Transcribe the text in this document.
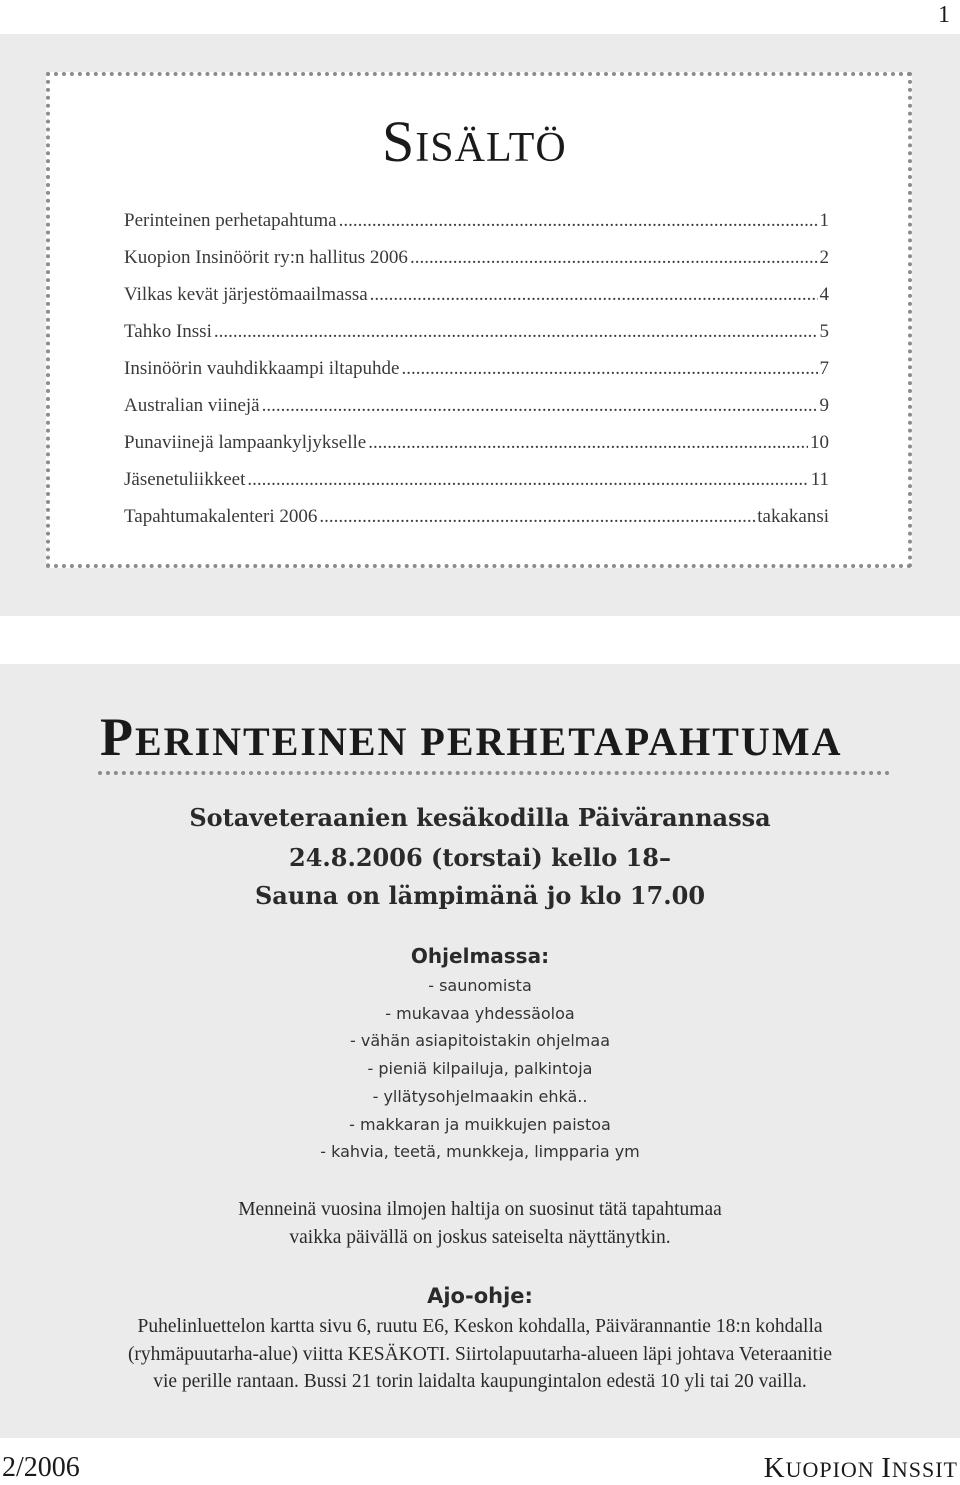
1
SISÄLTÖ
Perinteinen perhetapahtuma .....	1
Kuopion Insinöörit ry:n hallitus 2006 .....	2
Vilkas kevät järjestömaailmassa .....	4
Tahko Inssi .....	5
Insinöörin vauhdikkaampi iltapuhde .....	7
Australian viinejä .....	9
Punaviinejä lampaankyljykselle .....	10
Jäsenetuliikkeet .....	11
Tapahtumakalenteri 2006 .....	takakansi
PERINTEINEN PERHETAPAHTUMA

Sotaveteraanien kesäkodilla Päivärannassa

24.8.2006 (torstai) kello 18–

Sauna on lämpimänä jo klo 17.00

Ohjelmassa:

- saunomista
- mukavaa yhdessäoloa
- vähän asiapitoistakin ohjelmaa
- pieniä kilpailuja, palkintoja
- yllätysohjelmaakin ehkä..
- makkaran ja muikkujen paistoa
- kahvia, teetä, munkkeja, limpparia ym
Menneinä vuosina ilmojen haltija on suosinut tätä tapahtumaa
vaikka päivällä on joskus sateiselta näyttänytkin.

Ajo-ohje:

Puhelinluettelon kartta sivu 6, ruutu E6, Keskon kohdalla, Päivärannantie 18:n kohdalla
(ryhmäpuutarha-alue) viitta KESÄKOTI. Siirtolapuutarha-alueen läpi johtava Veteraanitie
vie perille rantaan. Bussi 21 torin laidalta kaupungintalon edestä 10 yli tai 20 vailla.
2/2006	KUOPION INSSIT
